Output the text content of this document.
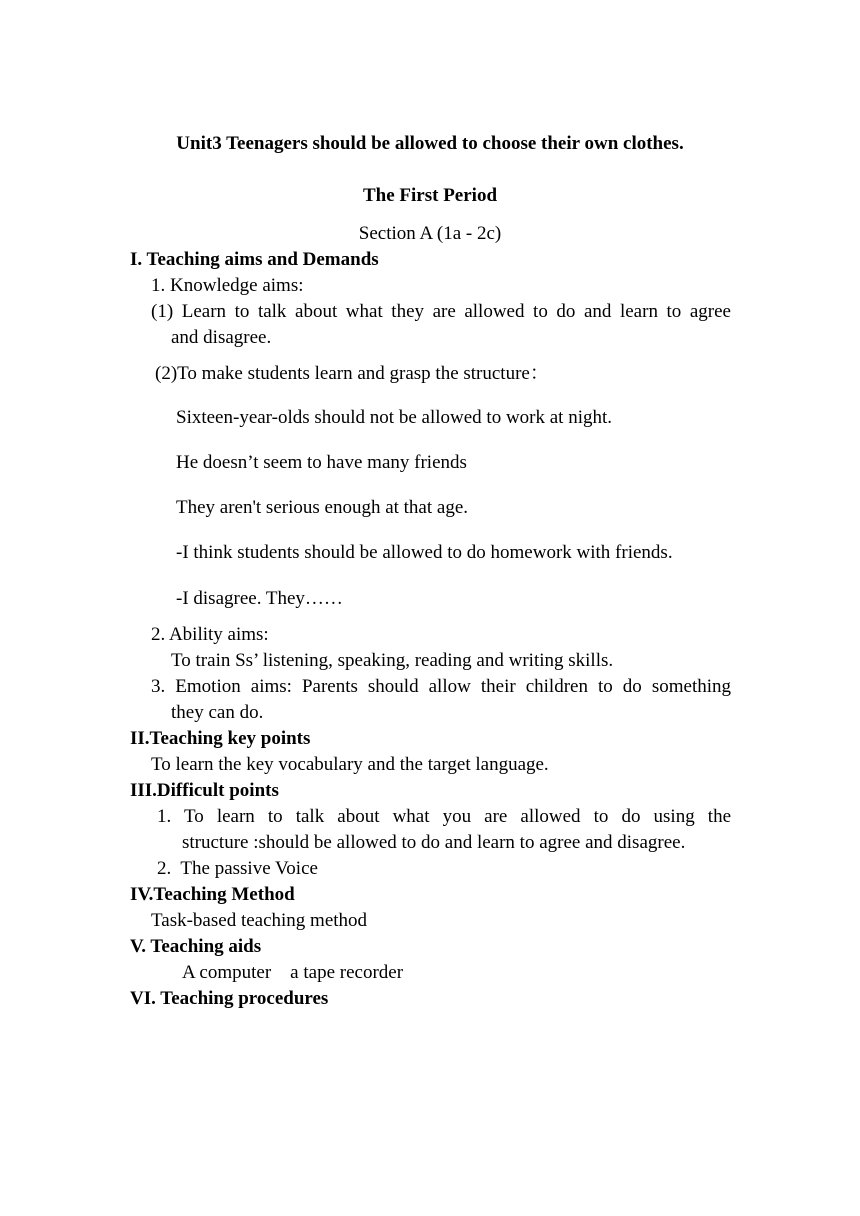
Unit3 Teenagers should be allowed to choose their own clothes.
The First Period
Section A (1a - 2c)
I. Teaching aims and Demands
1. Knowledge aims:
(1) Learn to talk about what they are allowed to do and learn to agree
and disagree.
(2)To make students learn and grasp the structure：
Sixteen-year-olds should not be allowed to work at night.
He doesn’t seem to have many friends
They aren't serious enough at that age.
-I think students should be allowed to do homework with friends.
-I disagree. They……
2. Ability aims:
To train Ss’ listening, speaking, reading and writing skills.
3. Emotion aims: Parents should allow their children to do something
they can do.
II.Teaching key points
To learn the key vocabulary and the target language.
III.Difficult points
1. To learn to talk about what you are allowed to do using the
structure :should be allowed to do and learn to agree and disagree.
2.  The passive Voice
IV.Teaching Method
Task-based teaching method
V. Teaching aids
A computer    a tape recorder
VI. Teaching procedures
